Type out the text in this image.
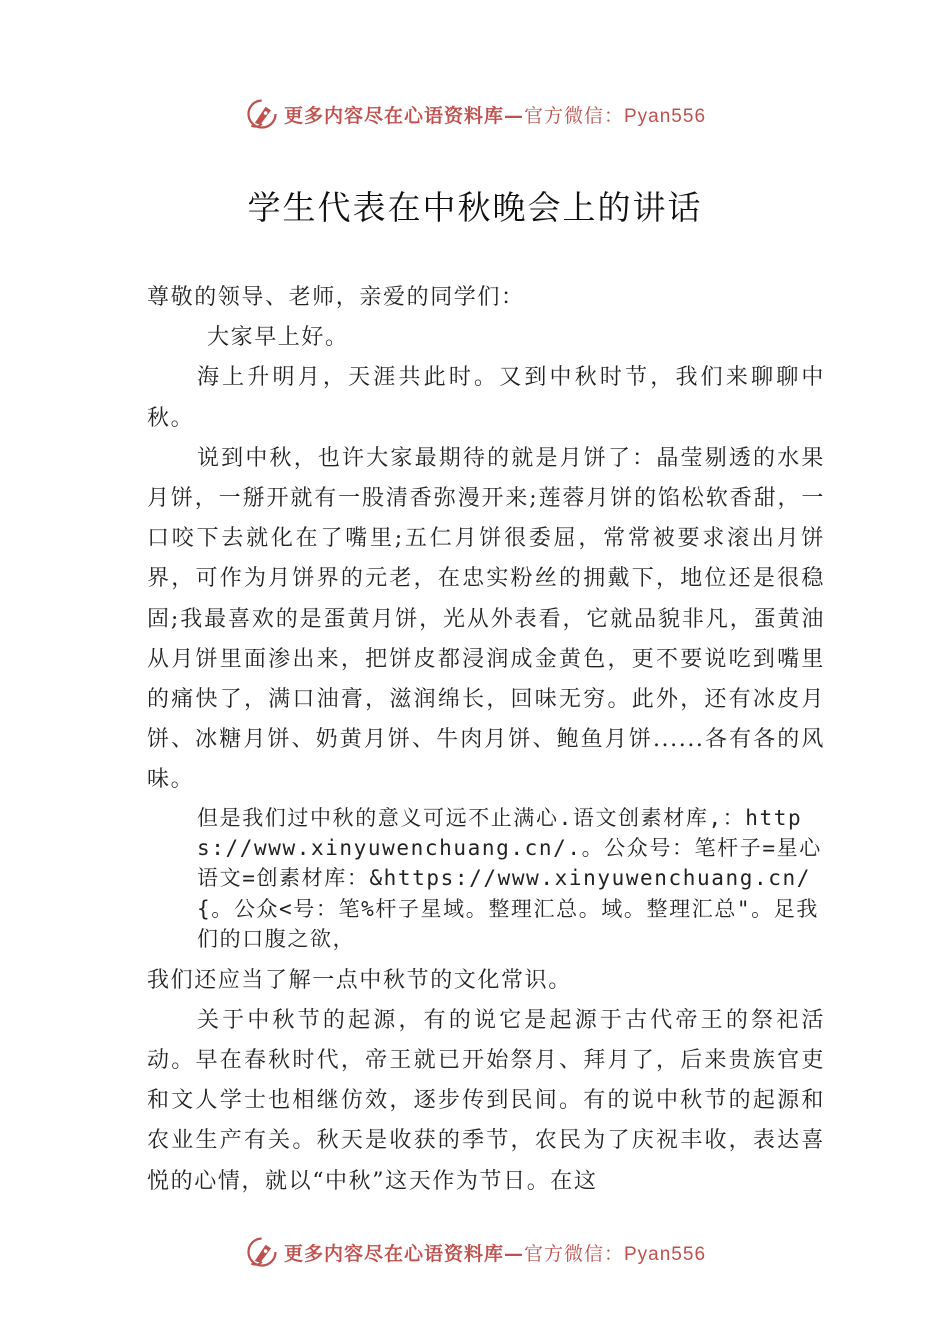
更多内容尽在心语资料库—官方微信：Pyan556
学生代表在中秋晚会上的讲话

尊敬的领导、老师，亲爱的同学们：

大家早上好。

海上升明月，天涯共此时。又到中秋时节，我们来聊聊中秋。

说到中秋，也许大家最期待的就是月饼了：晶莹剔透的水果月饼，一掰开就有一股清香弥漫开来;莲蓉月饼的馅松软香甜，一口咬下去就化在了嘴里;五仁月饼很委屈，常常被要求滚出月饼界，可作为月饼界的元老，在忠实粉丝的拥戴下，地位还是很稳固;我最喜欢的是蛋黄月饼，光从外表看，它就品貌非凡，蛋黄油从月饼里面渗出来，把饼皮都浸润成金黄色，更不要说吃到嘴里的痛快了，满口油膏，滋润绵长，回味无穷。此外，还有冰皮月饼、冰糖月饼、奶黄月饼、牛肉月饼、鲍鱼月饼......各有各的风味。

但是我们过中秋的意义可远不止满心.语文创素材库,：https://www.xinyuwenchuang.cn/.。公众号：笔杆子=星心语文=创素材库：&https://www.xinyuwenchuang.cn/{。公众<号：笔%杆子星域。整理汇总。域。整理汇总"。足我们的口腹之欲，

我们还应当了解一点中秋节的文化常识。

关于中秋节的起源，有的说它是起源于古代帝王的祭祀活动。早在春秋时代，帝王就已开始祭月、拜月了，后来贵族官吏和文人学士也相继仿效，逐步传到民间。有的说中秋节的起源和农业生产有关。秋天是收获的季节，农民为了庆祝丰收，表达喜悦的心情，就以“中秋”这天作为节日。在这

更多内容尽在心语资料库—官方微信：Pyan556
